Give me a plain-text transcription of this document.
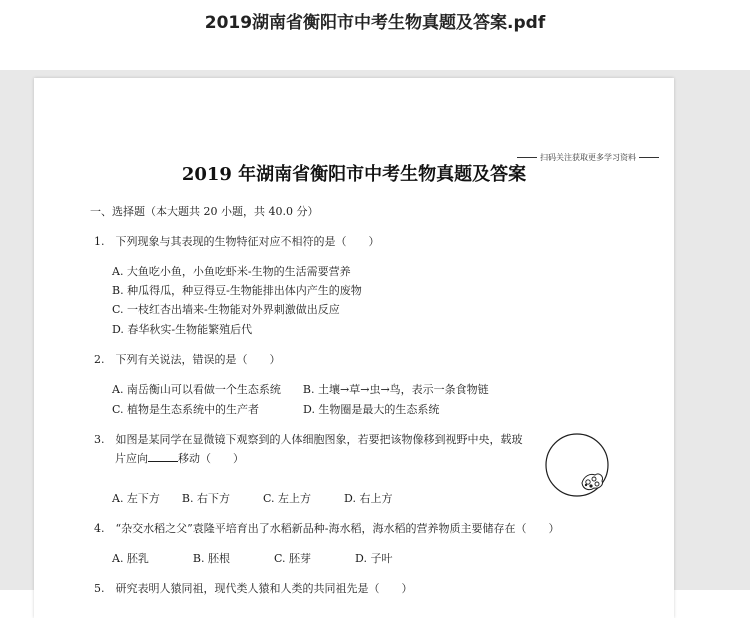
2019湖南省衡阳市中考生物真题及答案.pdf
扫码关注获取更多学习资料
2019 年湖南省衡阳市中考生物真题及答案
一、选择题（本大题共 20 小题，共 40.0 分）
1.　下列现象与其表现的生物特征对应不相符的是（　　）
A. 大鱼吃小鱼，小鱼吃虾米-生物的生活需要营养
B. 种瓜得瓜，种豆得豆-生物能排出体内产生的废物
C. 一枝红杏出墙来-生物能对外界刺激做出反应
D. 春华秋实-生物能繁殖后代
2.　下列有关说法，错误的是（　　）
A. 南岳衡山可以看做一个生态系统　　B. 土壤→草→虫→鸟，表示一条食物链
C. 植物是生态系统中的生产者　　　　D. 生物圈是最大的生态系统
3.　如图是某同学在显微镜下观察到的人体细胞图象，若要把该物像移到视野中央，载玻
片应向	移动（　　）
A. 左下方　　B. 右下方　　　C. 左上方　　　D. 右上方
4.　“杂交水稻之父”袁隆平培育出了水稻新品种-海水稻，海水稻的营养物质主要储存在（　　）
A. 胚乳　　　　B. 胚根　　　　C. 胚芽　　　　D. 子叶
5.　研究表明人猿同祖，现代类人猿和人类的共同祖先是（　　）
